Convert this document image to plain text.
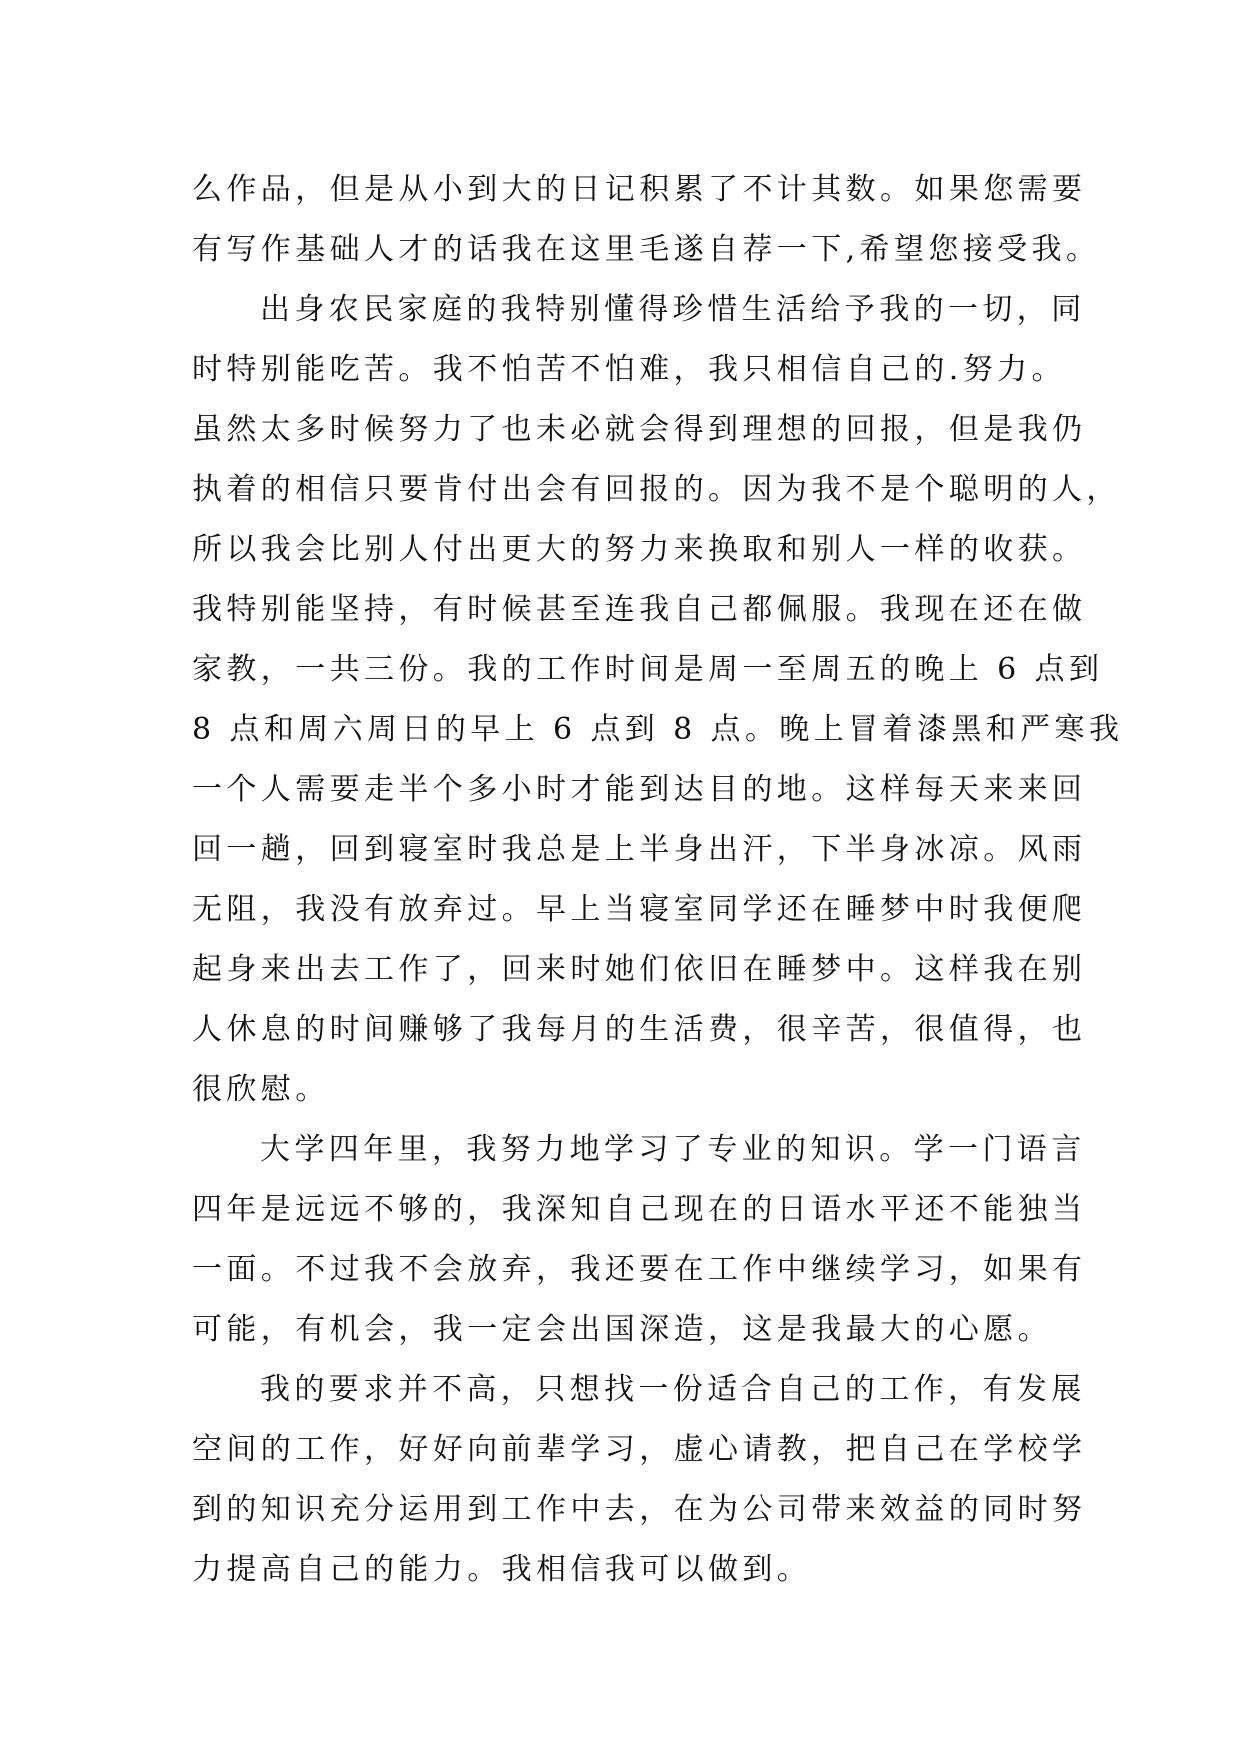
么作品，但是从小到大的日记积累了不计其数。如果您需要
有写作基础人才的话我在这里毛遂自荐一下,希望您接受我。
出身农民家庭的我特别懂得珍惜生活给予我的一切，同
时特别能吃苦。我不怕苦不怕难，我只相信自己的.努力。
虽然太多时候努力了也未必就会得到理想的回报，但是我仍
执着的相信只要肯付出会有回报的。因为我不是个聪明的人，
所以我会比别人付出更大的努力来换取和别人一样的收获。
我特别能坚持，有时候甚至连我自己都佩服。我现在还在做
家教，一共三份。我的工作时间是周一至周五的晚上 6 点到
8 点和周六周日的早上 6 点到 8 点。晚上冒着漆黑和严寒我
一个人需要走半个多小时才能到达目的地。这样每天来来回
回一趟，回到寝室时我总是上半身出汗，下半身冰凉。风雨
无阻，我没有放弃过。早上当寝室同学还在睡梦中时我便爬
起身来出去工作了，回来时她们依旧在睡梦中。这样我在别
人休息的时间赚够了我每月的生活费，很辛苦，很值得，也
很欣慰。
大学四年里，我努力地学习了专业的知识。学一门语言
四年是远远不够的，我深知自己现在的日语水平还不能独当
一面。不过我不会放弃，我还要在工作中继续学习，如果有
可能，有机会，我一定会出国深造，这是我最大的心愿。
我的要求并不高，只想找一份适合自己的工作，有发展
空间的工作，好好向前辈学习，虚心请教，把自己在学校学
到的知识充分运用到工作中去，在为公司带来效益的同时努
力提高自己的能力。我相信我可以做到。
